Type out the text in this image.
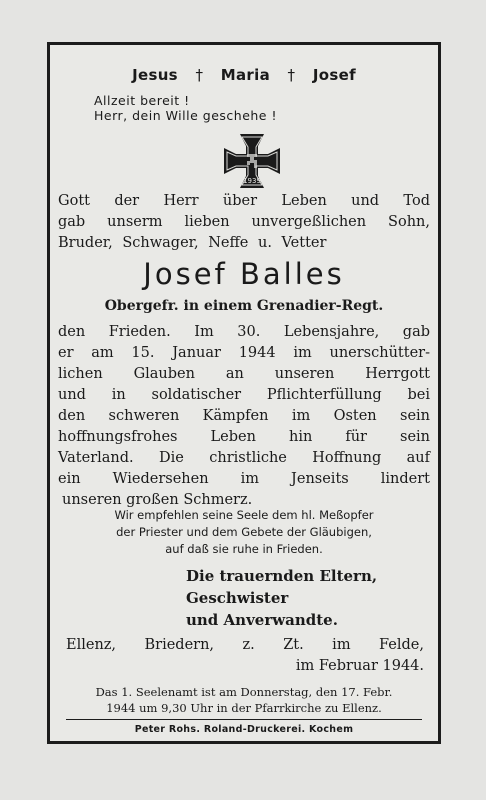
Jesus † Maria † Josef
Allzeit bereit !
Herr, dein Wille geschehe !
1939
Gott der Herr über Leben und Tod
gab unserm lieben unvergeßlichen Sohn,
Bruder, Schwager, Neffe u. Vetter
Josef Balles
Obergefr. in einem Grenadier-Regt.
den Frieden. Im 30. Lebensjahre, gab
er am 15. Januar 1944 im unerschütter-
lichen Glauben an unseren Herrgott
und in soldatischer Pflichterfüllung bei
den schweren Kämpfen im Osten sein
hoffnungsfrohes Leben hin für sein
Vaterland. Die christliche Hoffnung auf
ein Wiedersehen im Jenseits lindert
unseren großen Schmerz.
Wir empfehlen seine Seele dem hl. Meßopfer
der Priester und dem Gebete der Gläubigen,
auf daß sie ruhe in Frieden.
Die trauernden Eltern,
Geschwister
und Anverwandte.
Ellenz, Briedern, z. Zt. im Felde,
im Februar 1944.
Das 1. Seelenamt ist am Donnerstag, den 17. Febr.
1944 um 9,30 Uhr in der Pfarrkirche zu Ellenz.
Peter Rohs. Roland-Druckerei. Kochem
